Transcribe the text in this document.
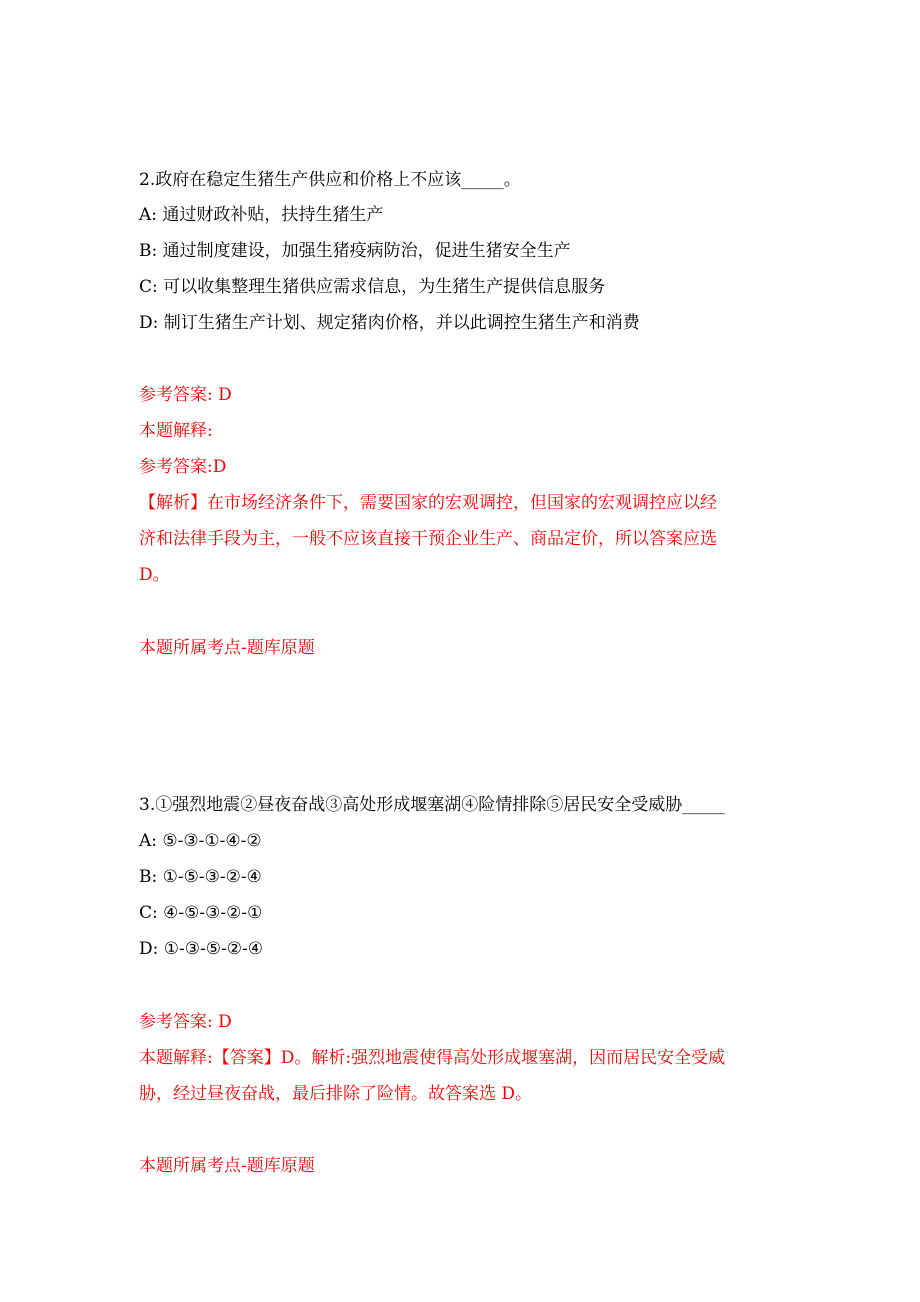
2.政府在稳定生猪生产供应和价格上不应该_____。
A: 通过财政补贴，扶持生猪生产
B: 通过制度建设，加强生猪疫病防治，促进生猪安全生产
C: 可以收集整理生猪供应需求信息，为生猪生产提供信息服务
D: 制订生猪生产计划、规定猪肉价格，并以此调控生猪生产和消费
参考答案: D
本题解释:
参考答案:D
【解析】在市场经济条件下，需要国家的宏观调控，但国家的宏观调控应以经
济和法律手段为主，一般不应该直接干预企业生产、商品定价，所以答案应选
D。
本题所属考点-题库原题
3.①强烈地震②昼夜奋战③高处形成堰塞湖④险情排除⑤居民安全受威胁_____
A: ⑤-③-①-④-②
B: ①-⑤-③-②-④
C: ④-⑤-③-②-①
D: ①-③-⑤-②-④
参考答案: D
本题解释:【答案】D。解析:强烈地震使得高处形成堰塞湖，因而居民安全受威
胁，经过昼夜奋战，最后排除了险情。故答案选 D。
本题所属考点-题库原题
